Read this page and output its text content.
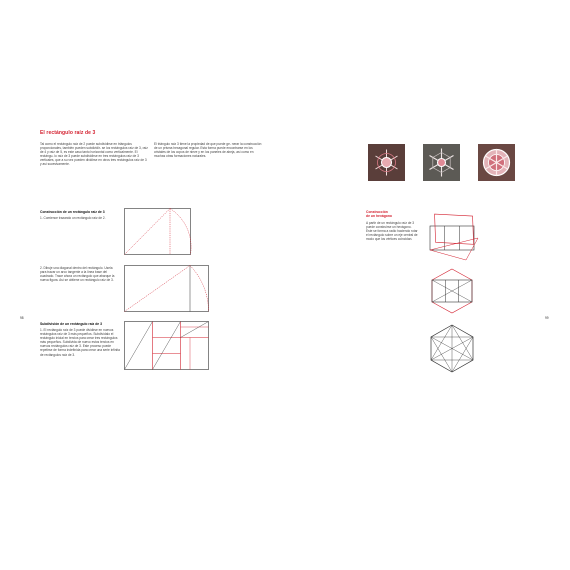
98	99
El rectángulo raíz de 3
Tal como el rectángulo raíz de 2 puede subdividirse en triángulos proporcionales, también pueden subdividir- se los rectángulos raíz de 3, raíz de 4 y raíz de 5, es este caso tanto horizontal como verticalmente. El rectángu- lo raíz de 3 puede subdividirse en tres rectángulos raíz de 3 verticales, que a su vez pueden dividirse en otros tres rectángulos raíz de 3 y así sucesivamente.
El triángulo raíz 3 tiene la propiedad de que puede ge- nerar la construcción de un prisma hexagonal regular. Esta forma puede encontrarse en los cristales de los copos de nieve y en los paneles de abeja, así como en muchas otras formaciones naturales.
Construcción de un rectángulo raíz de 3
1. Comience trazando un rectángulo raíz de 2.
2. Dibuje una diagonal dentro del rectángulo. Usela para trazar un arco tangente a la línea base del cuadrado. Trace ahora un rectángulo que abarque la nueva figura. Así se obtiene un rectángulo raíz de 3.
Subdivisión de un rectángulo raíz de 3
1. El rectángulo raíz de 3 puede dividirse en nuevos rectángulos raíz de 3 más pequeños. Subdivídalo el rectángulo inicial en tercios para crear tres rectángulos más pequeños. Subdivida de nuevo estos tercios en nuevos rectángulos raíz de 3. Este proceso puede repetirse de forma indefinida para crear una serie infinita de rectángulos raíz de 3.
Construcción
de un hexágono
A partir de un rectángulo raíz de 3 puede construirse un hexágono. Este se forma a radio haciendo rotar el rectángulo sobre un eje central de modo que los vértices coincidan.
